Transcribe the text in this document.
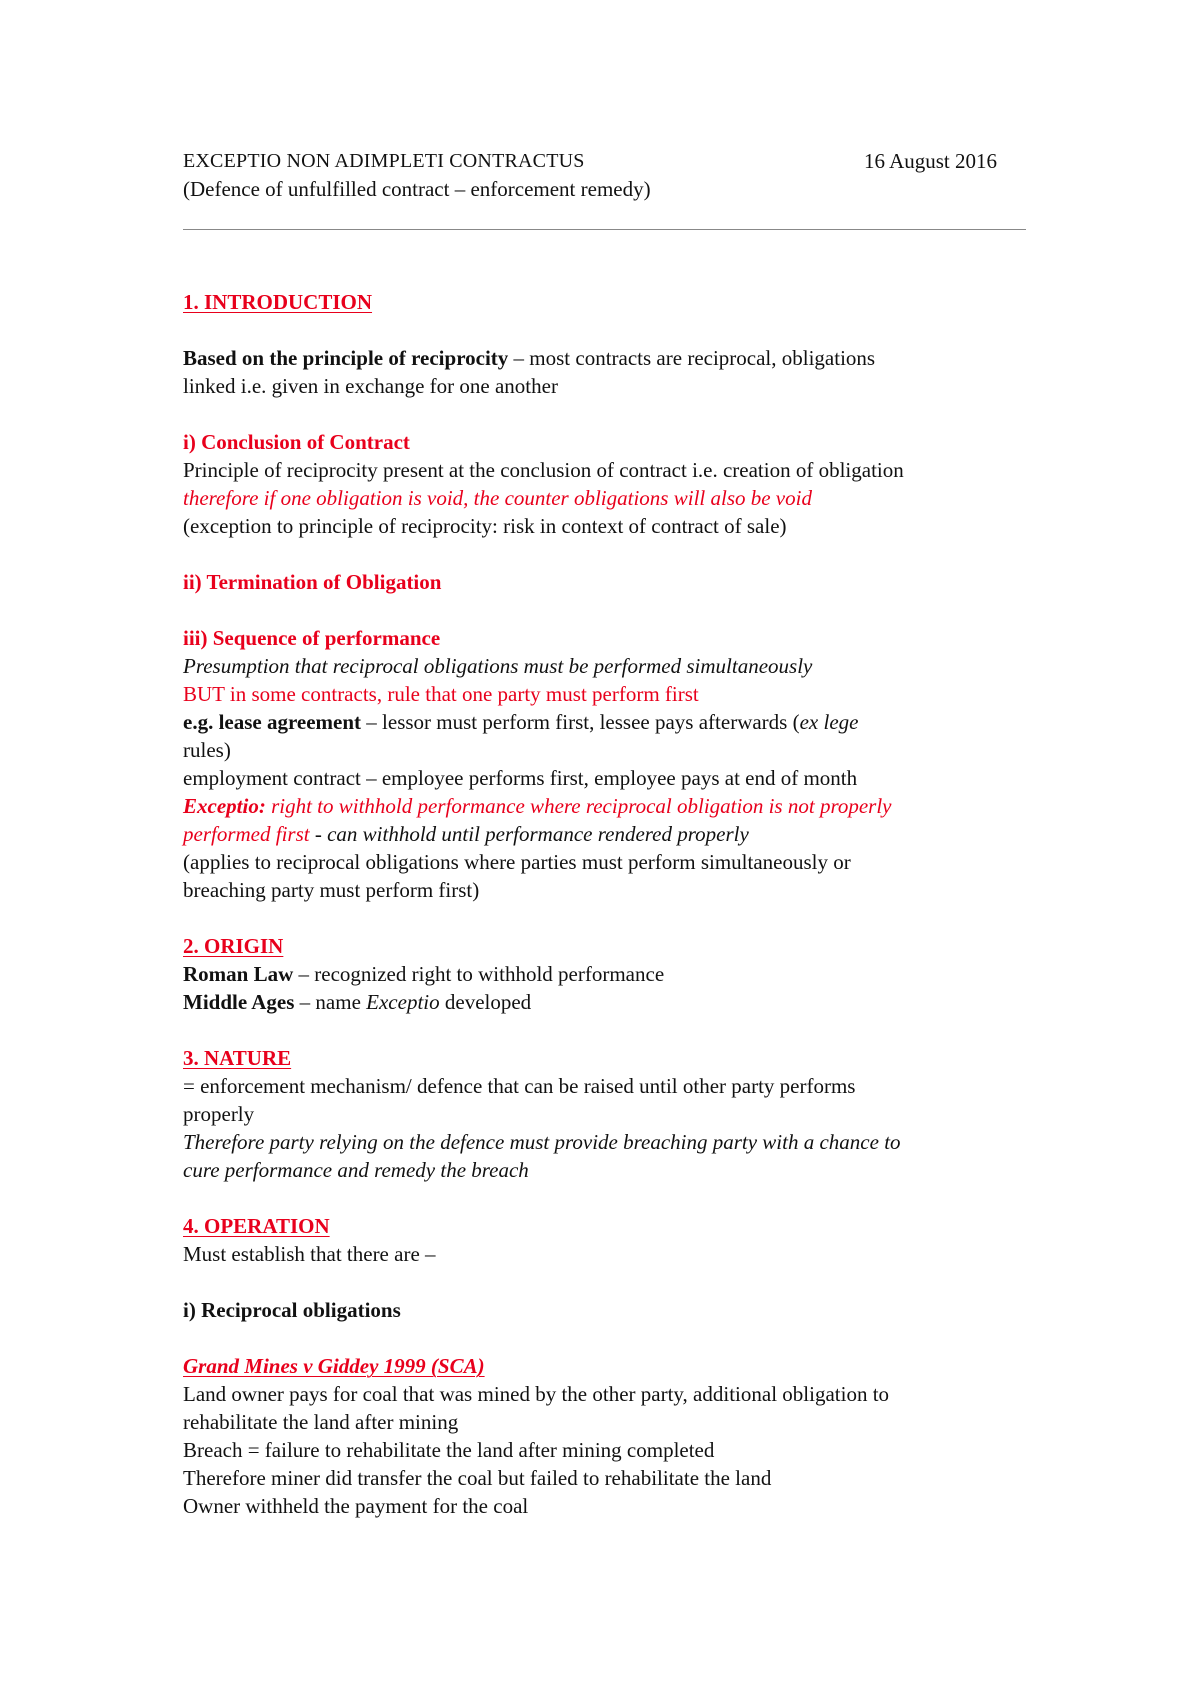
EXCEPTIO NON ADIMPLETI CONTRACTUS	16 August 2016
(Defence of unfulfilled contract – enforcement remedy)
1. INTRODUCTION
Based on the principle of reciprocity – most contracts are reciprocal, obligations
linked i.e. given in exchange for one another
i) Conclusion of Contract
Principle of reciprocity present at the conclusion of contract i.e. creation of obligation
therefore if one obligation is void, the counter obligations will also be void
(exception to principle of reciprocity: risk in context of contract of sale)
ii) Termination of Obligation
iii) Sequence of performance
Presumption that reciprocal obligations must be performed simultaneously
BUT in some contracts, rule that one party must perform first
e.g. lease agreement – lessor must perform first, lessee pays afterwards (ex lege
rules)
employment contract – employee performs first, employee pays at end of month
Exceptio: right to withhold performance where reciprocal obligation is not properly
performed first - can withhold until performance rendered properly
(applies to reciprocal obligations where parties must perform simultaneously or
breaching party must perform first)
2. ORIGIN
Roman Law – recognized right to withhold performance
Middle Ages – name Exceptio developed
3. NATURE
= enforcement mechanism/ defence that can be raised until other party performs
properly
Therefore party relying on the defence must provide breaching party with a chance to
cure performance and remedy the breach
4. OPERATION
Must establish that there are –
i) Reciprocal obligations
Grand Mines v Giddey 1999 (SCA)
Land owner pays for coal that was mined by the other party, additional obligation to
rehabilitate the land after mining
Breach = failure to rehabilitate the land after mining completed
Therefore miner did transfer the coal but failed to rehabilitate the land
Owner withheld the payment for the coal
